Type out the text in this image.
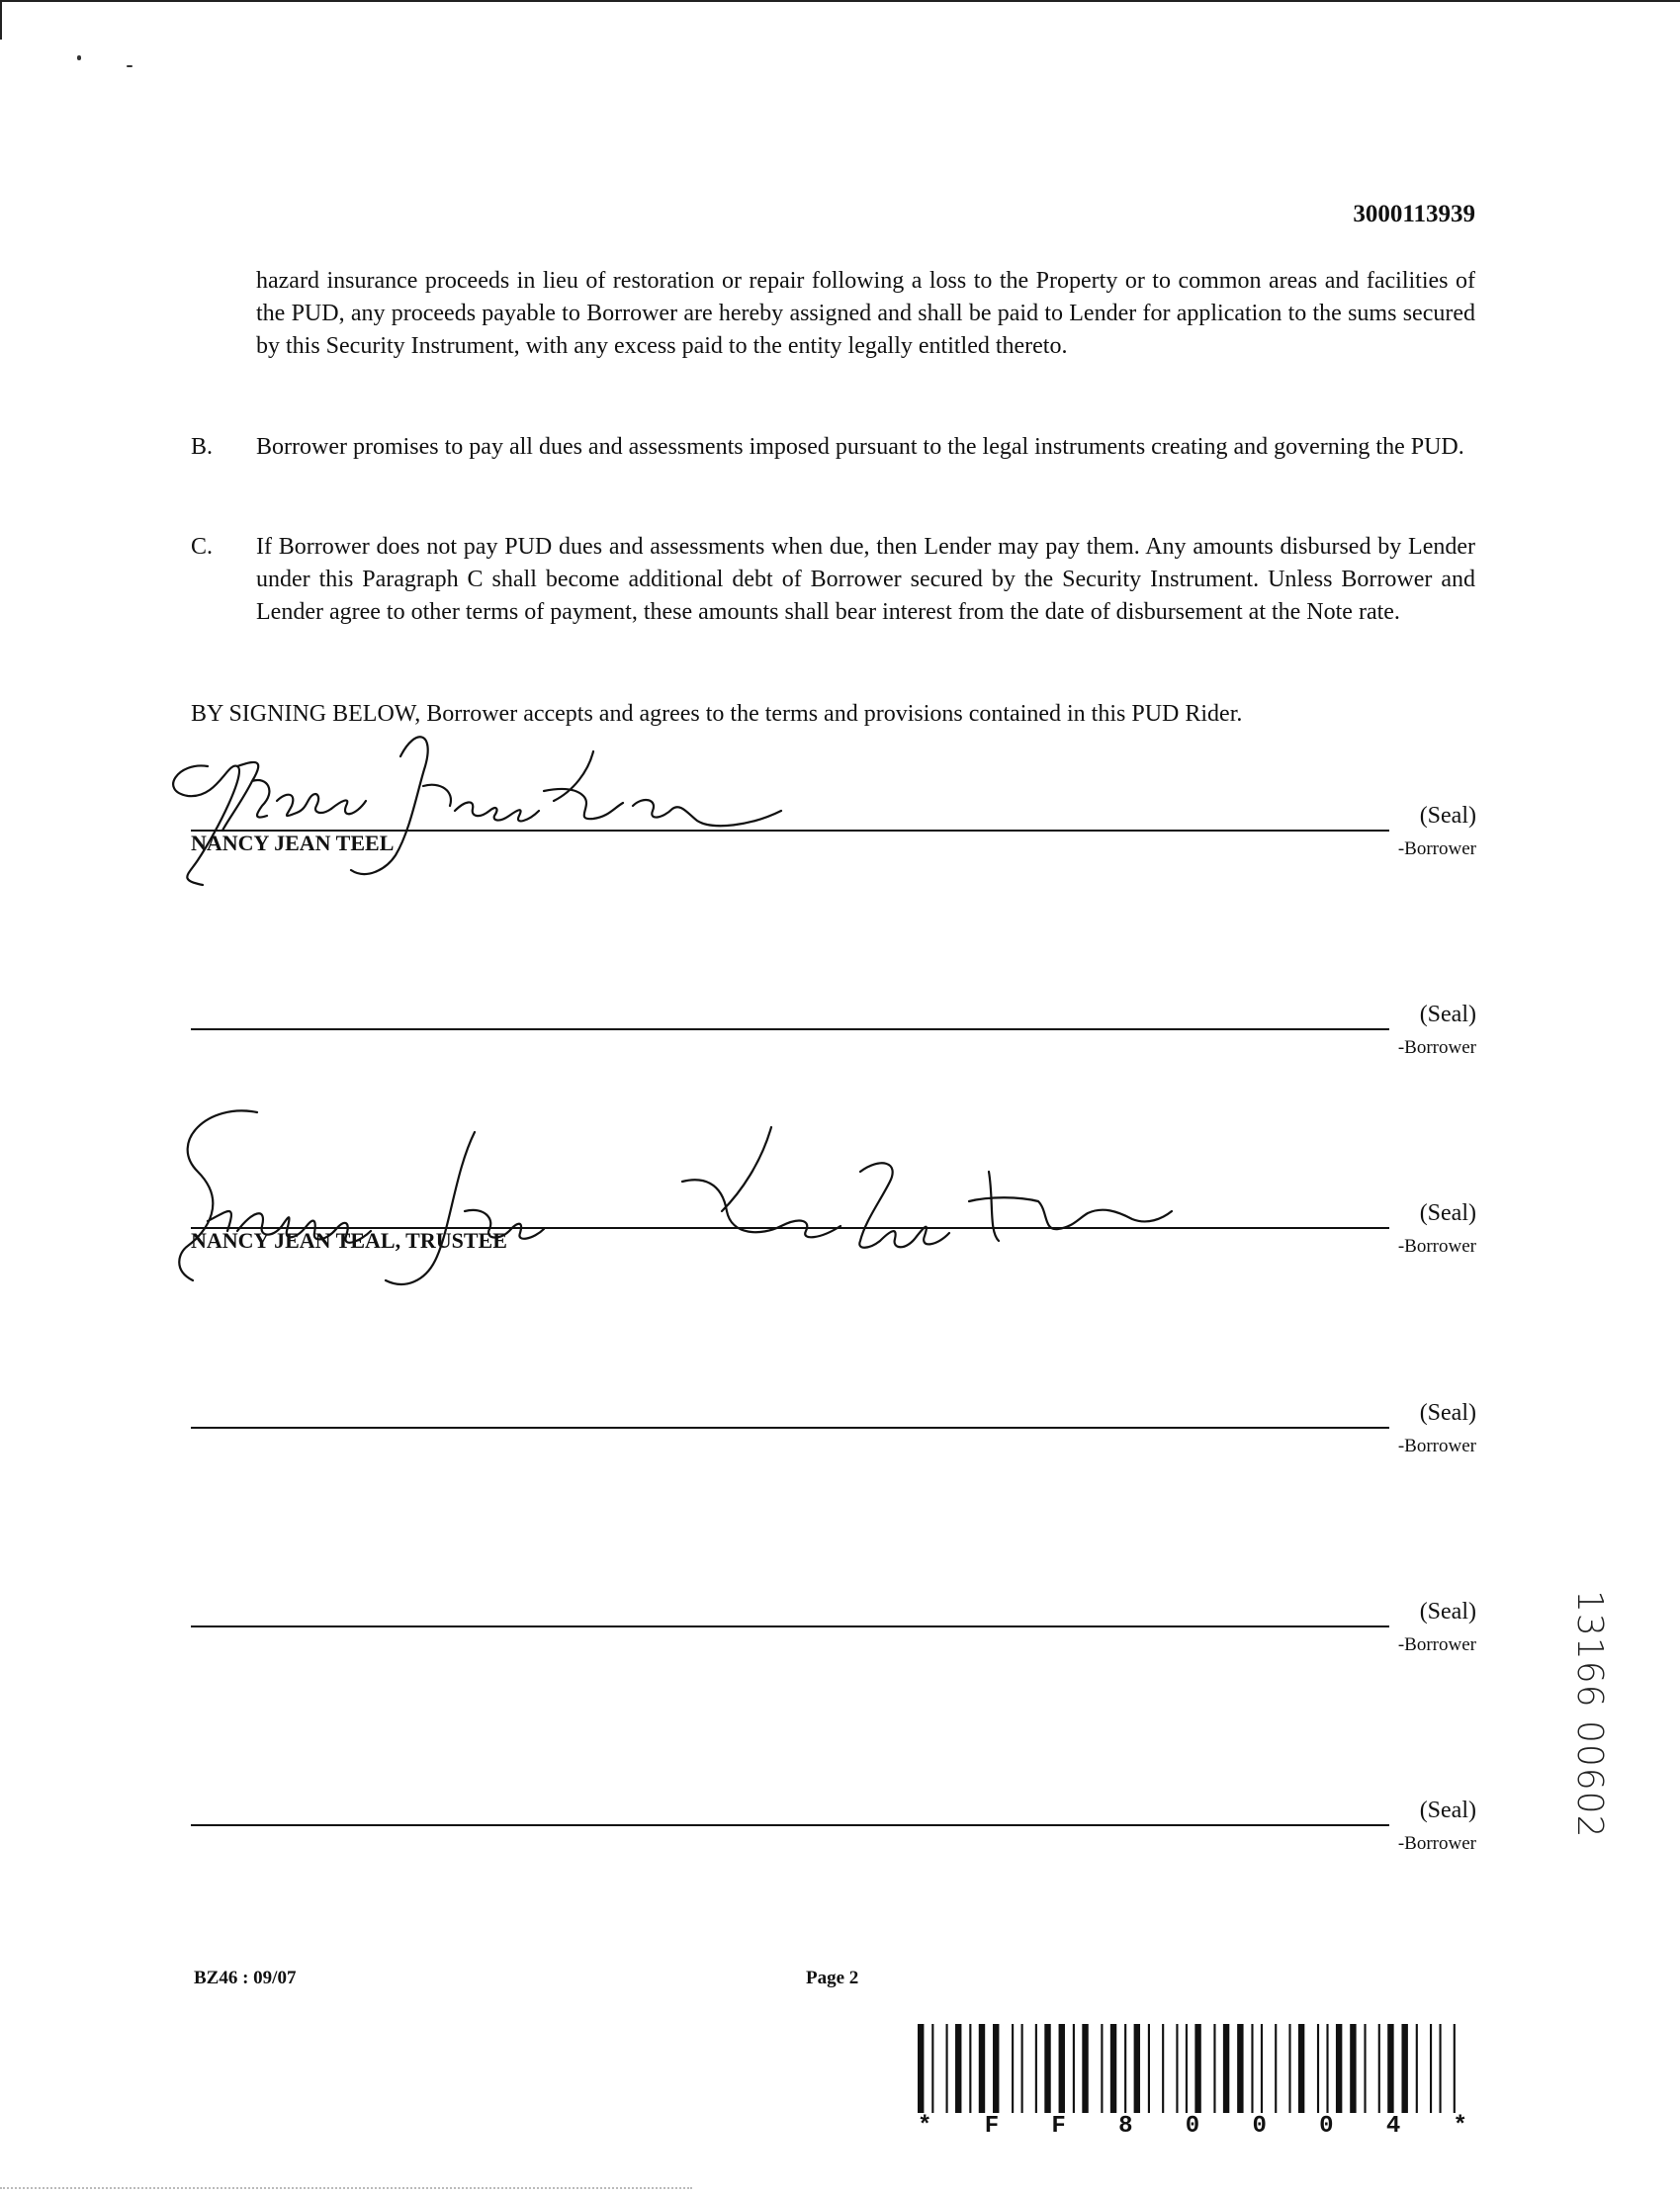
3000113939
hazard insurance proceeds in lieu of restoration or repair following a loss to the Property or to common areas and facilities of the PUD, any proceeds payable to Borrower are hereby assigned and shall be paid to Lender for application to the sums secured by this Security Instrument, with any excess paid to the entity legally entitled thereto.
B. Borrower promises to pay all dues and assessments imposed pursuant to the legal instruments creating and governing the PUD.
C. If Borrower does not pay PUD dues and assessments when due, then Lender may pay them. Any amounts disbursed by Lender under this Paragraph C shall become additional debt of Borrower secured by the Security Instrument. Unless Borrower and Lender agree to other terms of payment, these amounts shall bear interest from the date of disbursement at the Note rate.
BY SIGNING BELOW, Borrower accepts and agrees to the terms and provisions contained in this PUD Rider.
(Seal)
-Borrower
NANCY JEAN TEEL
(Seal)
-Borrower
(Seal)
-Borrower
NANCY JEAN TEAL, TRUSTEE
(Seal)
-Borrower
(Seal)
-Borrower
(Seal)
-Borrower
BZ46 : 09/07	Page 2
* F F 8 0 0 0 4 *
13166 00602
